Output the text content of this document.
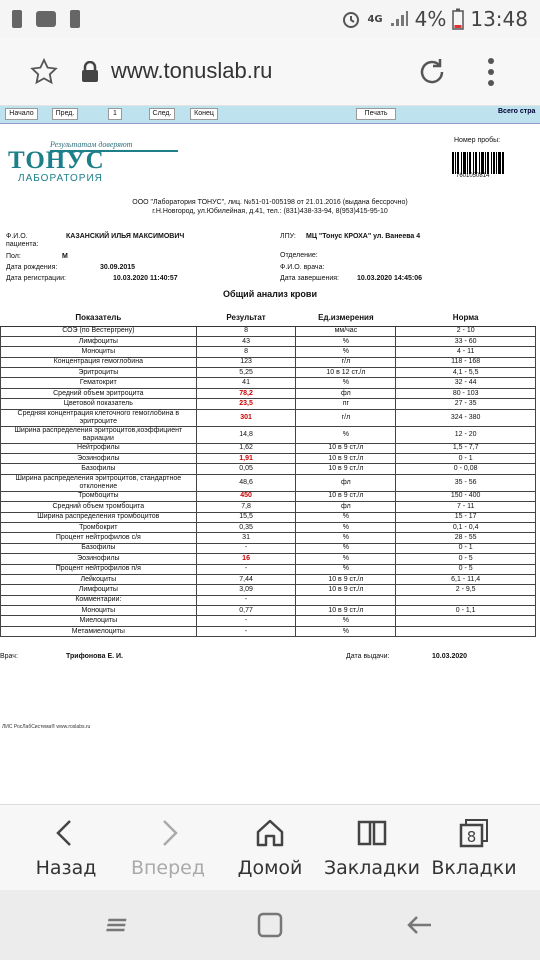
4G 4% 13:48
www.tonuslab.ru
Начало	Пред.	1	След.	Конец	Печать	Всего стра
Результатам доверяют
ТОНУС
ЛАБОРАТОРИЯ
Номер пробы:
7601050814
ООО "Лаборатория ТОНУС", лиц. №51-01-005198 от 21.01.2016 (выдана бессрочно)
г.Н.Новгород, ул.Юбилейная, д.41, тел.: (831)438-33-94, 8(953)415-95-10
Ф.И.О.
пациента:
КАЗАНСКИЙ ИЛЬЯ МАКСИМОВИЧ	ЛПУ: МЦ "Тонус КРОХА" ул. Ванеева 4
Пол:	М	Отделение:
Дата рождения:	30.09.2015	Ф.И.О. врача:
Дата регистрации:	10.03.2020 11:40:57	Дата завершения:	10.03.2020 14:45:06
Общий анализ крови
Показатель	Результат	Ед.измерения	Норма
СОЭ (по Вестергрену)	8	мм/час	2 - 10
Лимфоциты	43	%	33 - 60
Моноциты	8	%	4 - 11
Концентрация гемоглобина	123	г/л	118 - 168
Эритроциты	5,25	10 в 12 ст./л	4,1 - 5,5
Гематокрит	41	%	32 - 44
Средний объем эритроцита	78,2	фл	80 - 103
Цветовой показатель	23,5	пг	27 - 35
Средняя концентрация клеточного гемоглобина в эритроците	301	г/л	324 - 380
Ширина распределения эритроцитов,коэффициент вариации	14,8	%	12 - 20
Нейтрофилы	1,62	10 в 9 ст./л	1,5 - 7,7
Эозинофилы	1,91	10 в 9 ст./л	0 - 1
Базофилы	0,05	10 в 9 ст./л	0 - 0,08
Ширина распределения эритроцитов, стандартное отклонение	48,6	фл	35 - 56
Тромбоциты	450	10 в 9 ст./л	150 - 400
Средний объем тромбоцита	7,8	фл	7 - 11
Ширина распределения тромбоцитов	15,5	%	15 - 17
Тромбокрит	0,35	%	0,1 - 0,4
Процент нейтрофилов с/я	31	%	28 - 55
Базофилы	-	%	0 - 1
Эозинофилы	16	%	0 - 5
Процент нейтрофилов п/я	-	%	0 - 5
Лейкоциты	7,44	10 в 9 ст./л	6,1 - 11,4
Лимфоциты	3,09	10 в 9 ст./л	2 - 9,5
Комментарии:	-		
Моноциты	0,77	10 в 9 ст./л	0 - 1,1
Миелоциты	-	%	
Метамиелоциты	-	%	
Врач:	Трифонова Е. И.	Дата выдачи:	10.03.2020
ЛИС РосЛабСистема® www.roslabs.ru
Назад	Вперед	Домой	Закладки
8
Вкладки
